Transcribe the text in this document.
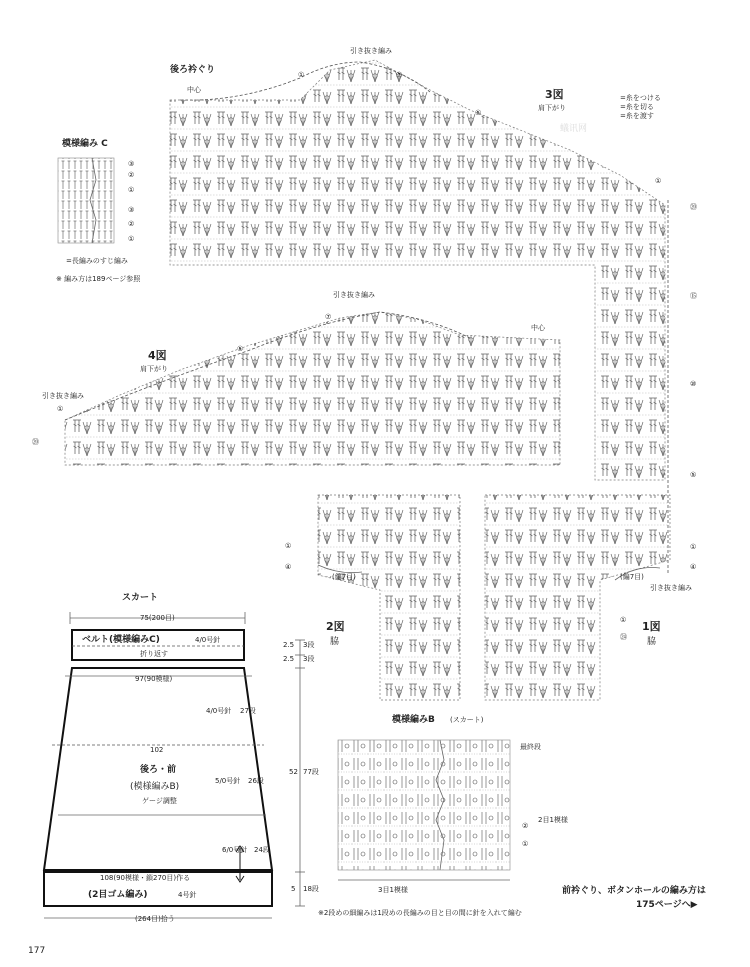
後ろ衿ぐり
中心
引き抜き編み
3図
肩下がり
①	⑦
⑤
①
⑳
⑮
⑩
⑤
①
④
=糸をつける
=糸を切る
=糸を渡す
模様編み C
③
②
①
③
②
①
=長編みのすじ編み
※ 編み方は189ページ参照
引き抜き編み
中心
4図
肩下がり
引き抜き編み
⑦
⑤
①
⑳
①
④
(編7目)
2図
脇
(編7目)
引き抜き編み
①
㉔
1図
脇
スカート
75(200目)
ベルト(模様編みC)	4/0号針
折り返す
97(90模様)
4/0号針 27段
102
後ろ・前
(模様編みB)
ゲージ調整
5/0号針 26段
6/0号針 24段
108(90模様・鎖270目)作る
(2目ゴム編み)	4号針
(264目)拾う
2.5 3段
2.5 3段
52 77段
5 18段
模様編みB (スカート)
最終段
②
①
2目1模様
3目1模様
※2段めの細編みは1段めの長編みの目と目の間に針を入れて編む
前衿ぐり、ボタンホールの編み方は
175ページへ▶
177
蟻讯网
